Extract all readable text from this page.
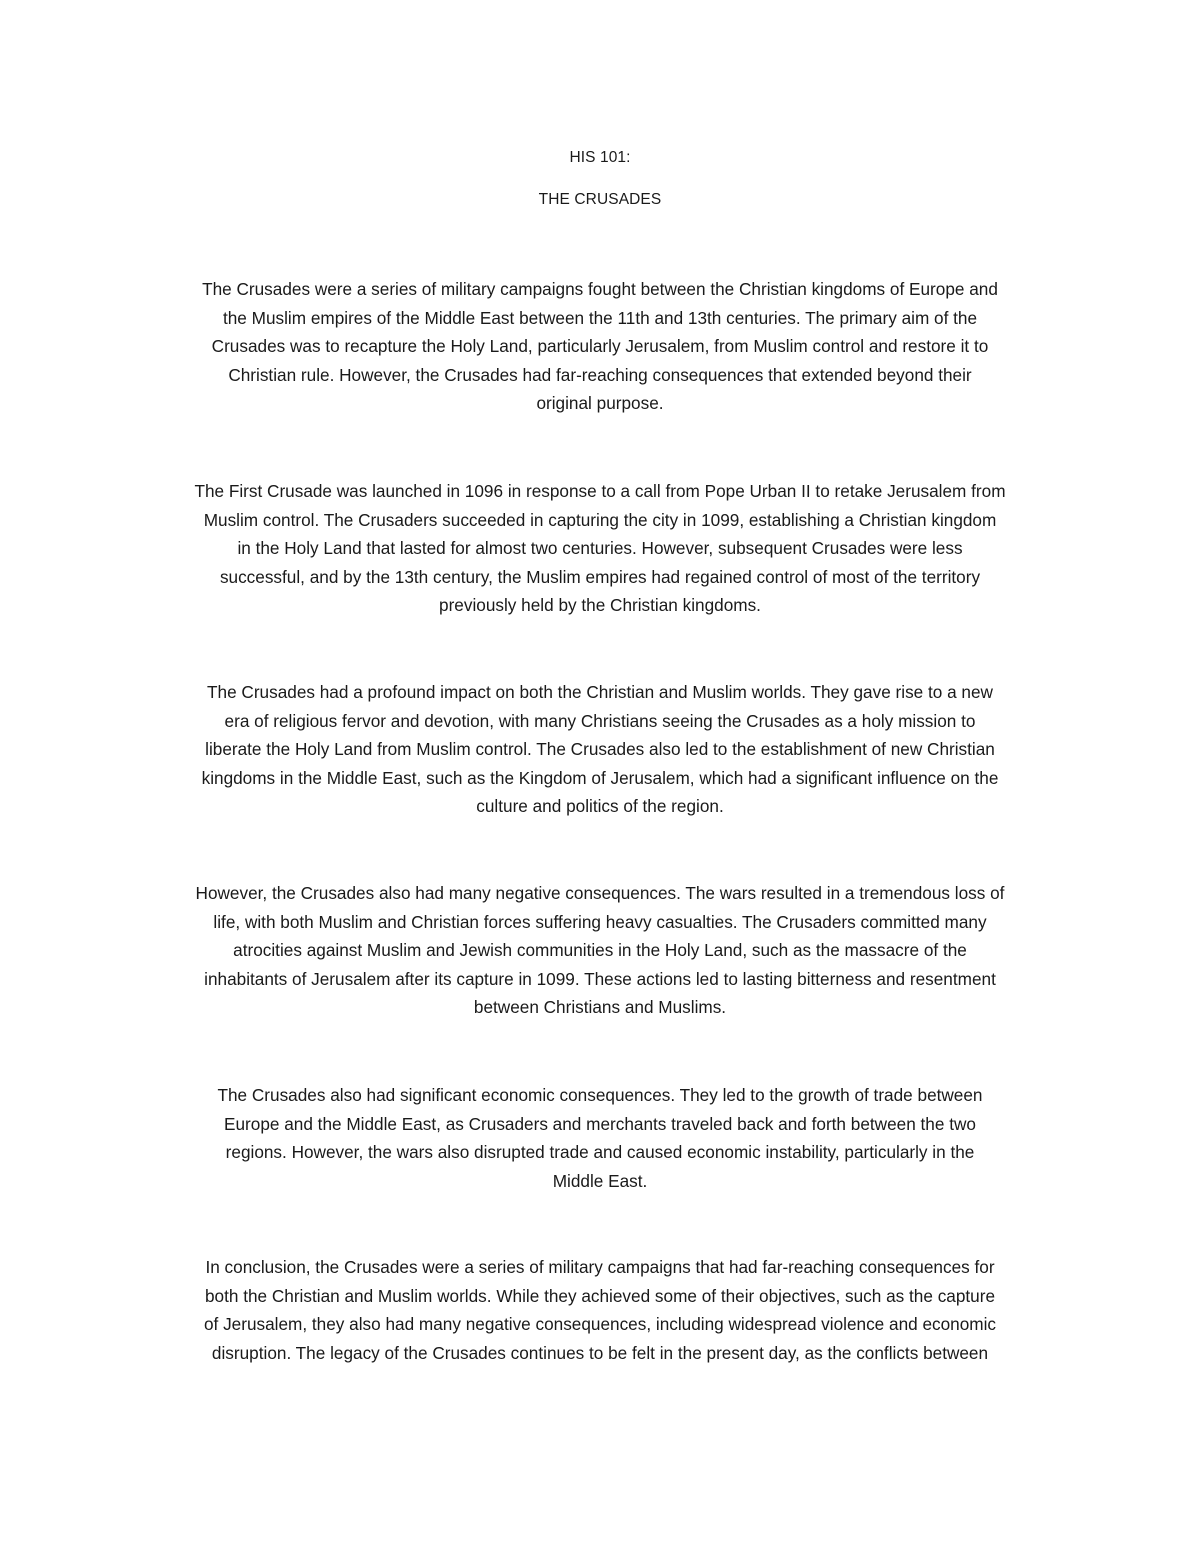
HIS 101:
THE CRUSADES

The Crusades were a series of military campaigns fought between the Christian kingdoms of Europe and
the Muslim empires of the Middle East between the 11th and 13th centuries. The primary aim of the
Crusades was to recapture the Holy Land, particularly Jerusalem, from Muslim control and restore it to
Christian rule. However, the Crusades had far-reaching consequences that extended beyond their
original purpose.

The First Crusade was launched in 1096 in response to a call from Pope Urban II to retake Jerusalem from
Muslim control. The Crusaders succeeded in capturing the city in 1099, establishing a Christian kingdom
in the Holy Land that lasted for almost two centuries. However, subsequent Crusades were less
successful, and by the 13th century, the Muslim empires had regained control of most of the territory
previously held by the Christian kingdoms.

The Crusades had a profound impact on both the Christian and Muslim worlds. They gave rise to a new
era of religious fervor and devotion, with many Christians seeing the Crusades as a holy mission to
liberate the Holy Land from Muslim control. The Crusades also led to the establishment of new Christian
kingdoms in the Middle East, such as the Kingdom of Jerusalem, which had a significant influence on the
culture and politics of the region.

However, the Crusades also had many negative consequences. The wars resulted in a tremendous loss of
life, with both Muslim and Christian forces suffering heavy casualties. The Crusaders committed many
atrocities against Muslim and Jewish communities in the Holy Land, such as the massacre of the
inhabitants of Jerusalem after its capture in 1099. These actions led to lasting bitterness and resentment
between Christians and Muslims.

The Crusades also had significant economic consequences. They led to the growth of trade between
Europe and the Middle East, as Crusaders and merchants traveled back and forth between the two
regions. However, the wars also disrupted trade and caused economic instability, particularly in the
Middle East.

In conclusion, the Crusades were a series of military campaigns that had far-reaching consequences for
both the Christian and Muslim worlds. While they achieved some of their objectives, such as the capture
of Jerusalem, they also had many negative consequences, including widespread violence and economic
disruption. The legacy of the Crusades continues to be felt in the present day, as the conflicts between
